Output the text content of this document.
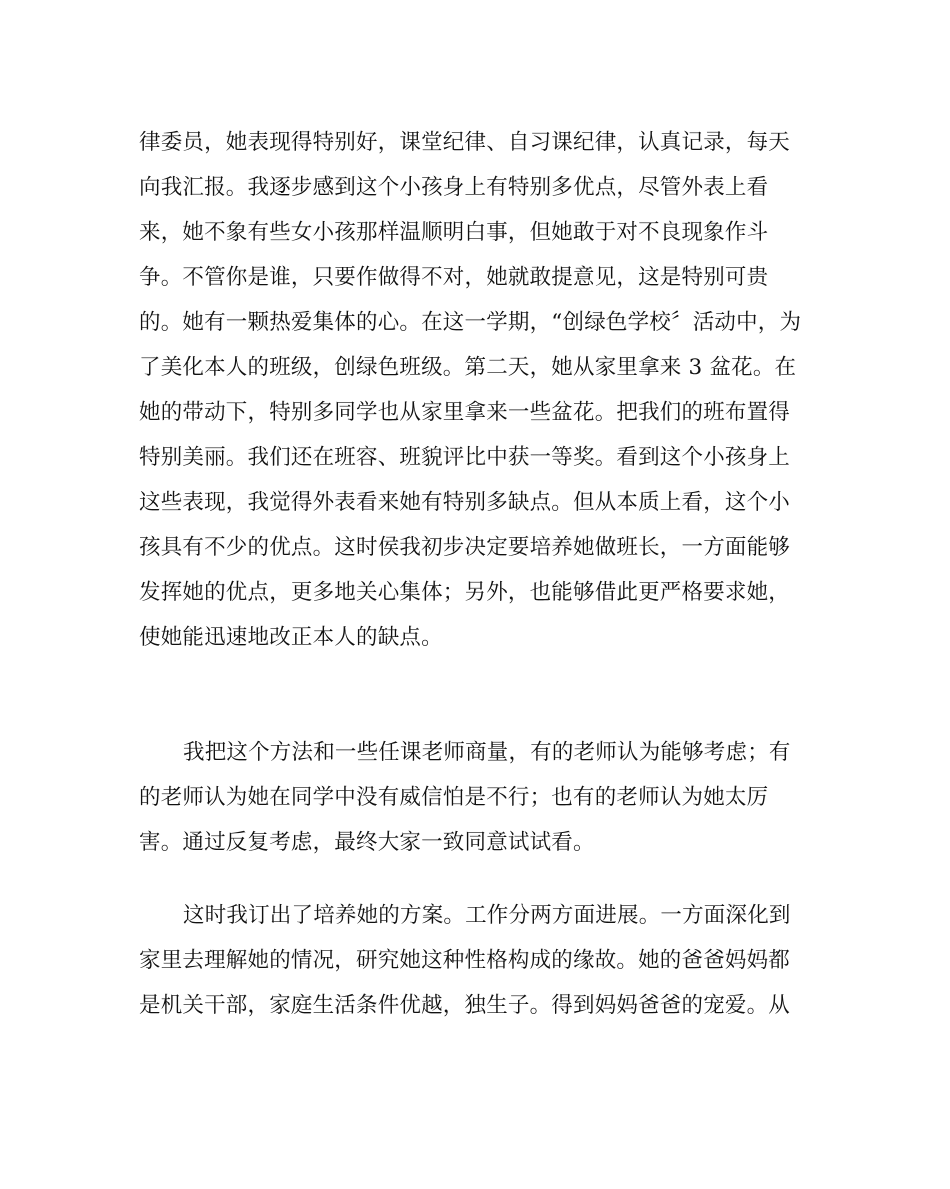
律委员，她表现得特别好，课堂纪律、自习课纪律，认真记录，每天
向我汇报。我逐步感到这个小孩身上有特别多优点，尽管外表上看
来，她不象有些女小孩那样温顺明白事，但她敢于对不良现象作斗
争。不管你是谁，只要作做得不对，她就敢提意见，这是特别可贵
的。她有一颗热爱集体的心。在这一学期，“创绿色学校〞活动中，为
了美化本人的班级，创绿色班级。第二天，她从家里拿来 3 盆花。在
她的带动下，特别多同学也从家里拿来一些盆花。把我们的班布置得
特别美丽。我们还在班容、班貌评比中获一等奖。看到这个小孩身上
这些表现，我觉得外表看来她有特别多缺点。但从本质上看，这个小
孩具有不少的优点。这时侯我初步决定要培养她做班长，一方面能够
发挥她的优点，更多地关心集体；另外，也能够借此更严格要求她，
使她能迅速地改正本人的缺点。
我把这个方法和一些任课老师商量，有的老师认为能够考虑；有
的老师认为她在同学中没有威信怕是不行；也有的老师认为她太厉
害。通过反复考虑，最终大家一致同意试试看。
这时我订出了培养她的方案。工作分两方面进展。一方面深化到
家里去理解她的情况，研究她这种性格构成的缘故。她的爸爸妈妈都
是机关干部，家庭生活条件优越，独生子。得到妈妈爸爸的宠爱。从
